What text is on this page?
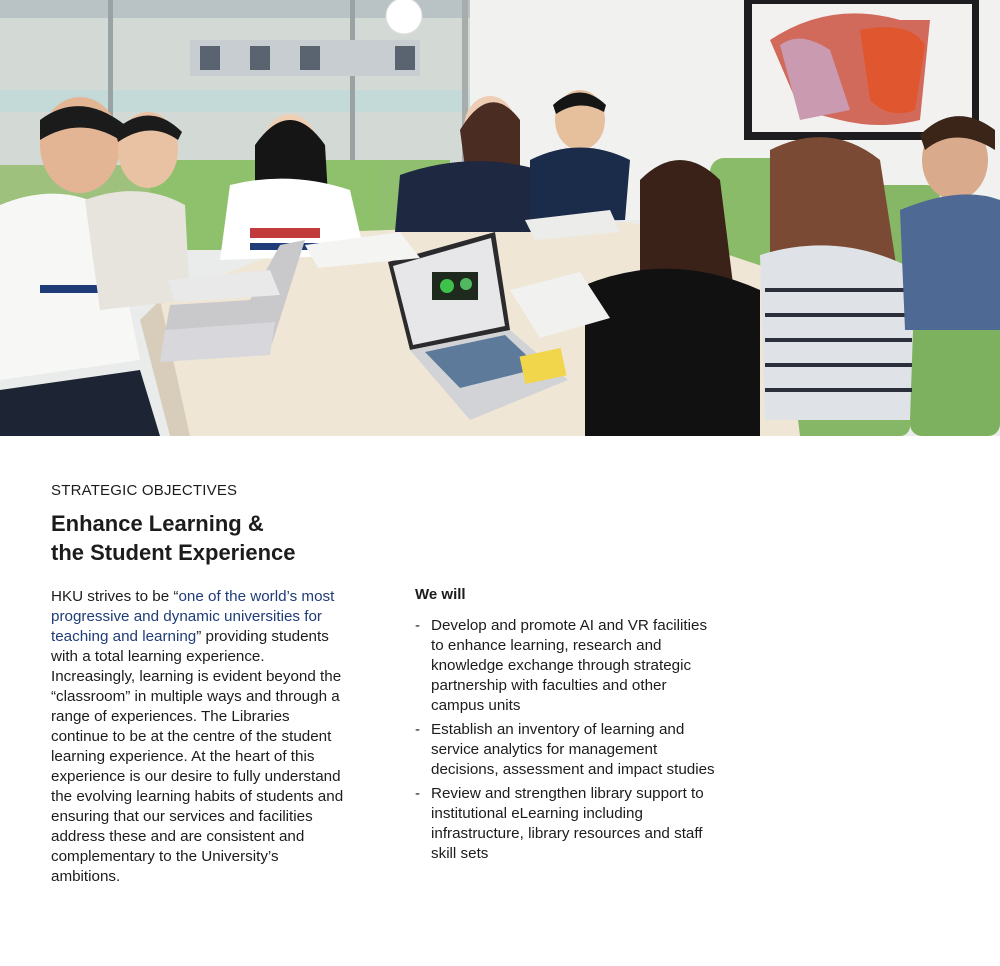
STRATEGIC OBJECTIVES
Enhance Learning &
the Student Experience

HKU strives to be “one of the world’s most progressive and dynamic universities for teaching and learning” providing students with a total learning experience. Increasingly, learning is evident beyond the “classroom” in multiple ways and through a range of experiences. The Libraries continue to be at the centre of the student learning experience. At the heart of this experience is our desire to fully understand the evolving learning habits of students and ensuring that our services and facilities address these and are consistent and complementary to the University’s ambitions.

We will
- Develop and promote AI and VR facilities to enhance learning, research and knowledge exchange through strategic partnership with faculties and other campus units
- Establish an inventory of learning and service analytics for management decisions, assessment and impact studies
- Review and strengthen library support to institutional eLearning including infrastructure, library resources and staff skill sets
